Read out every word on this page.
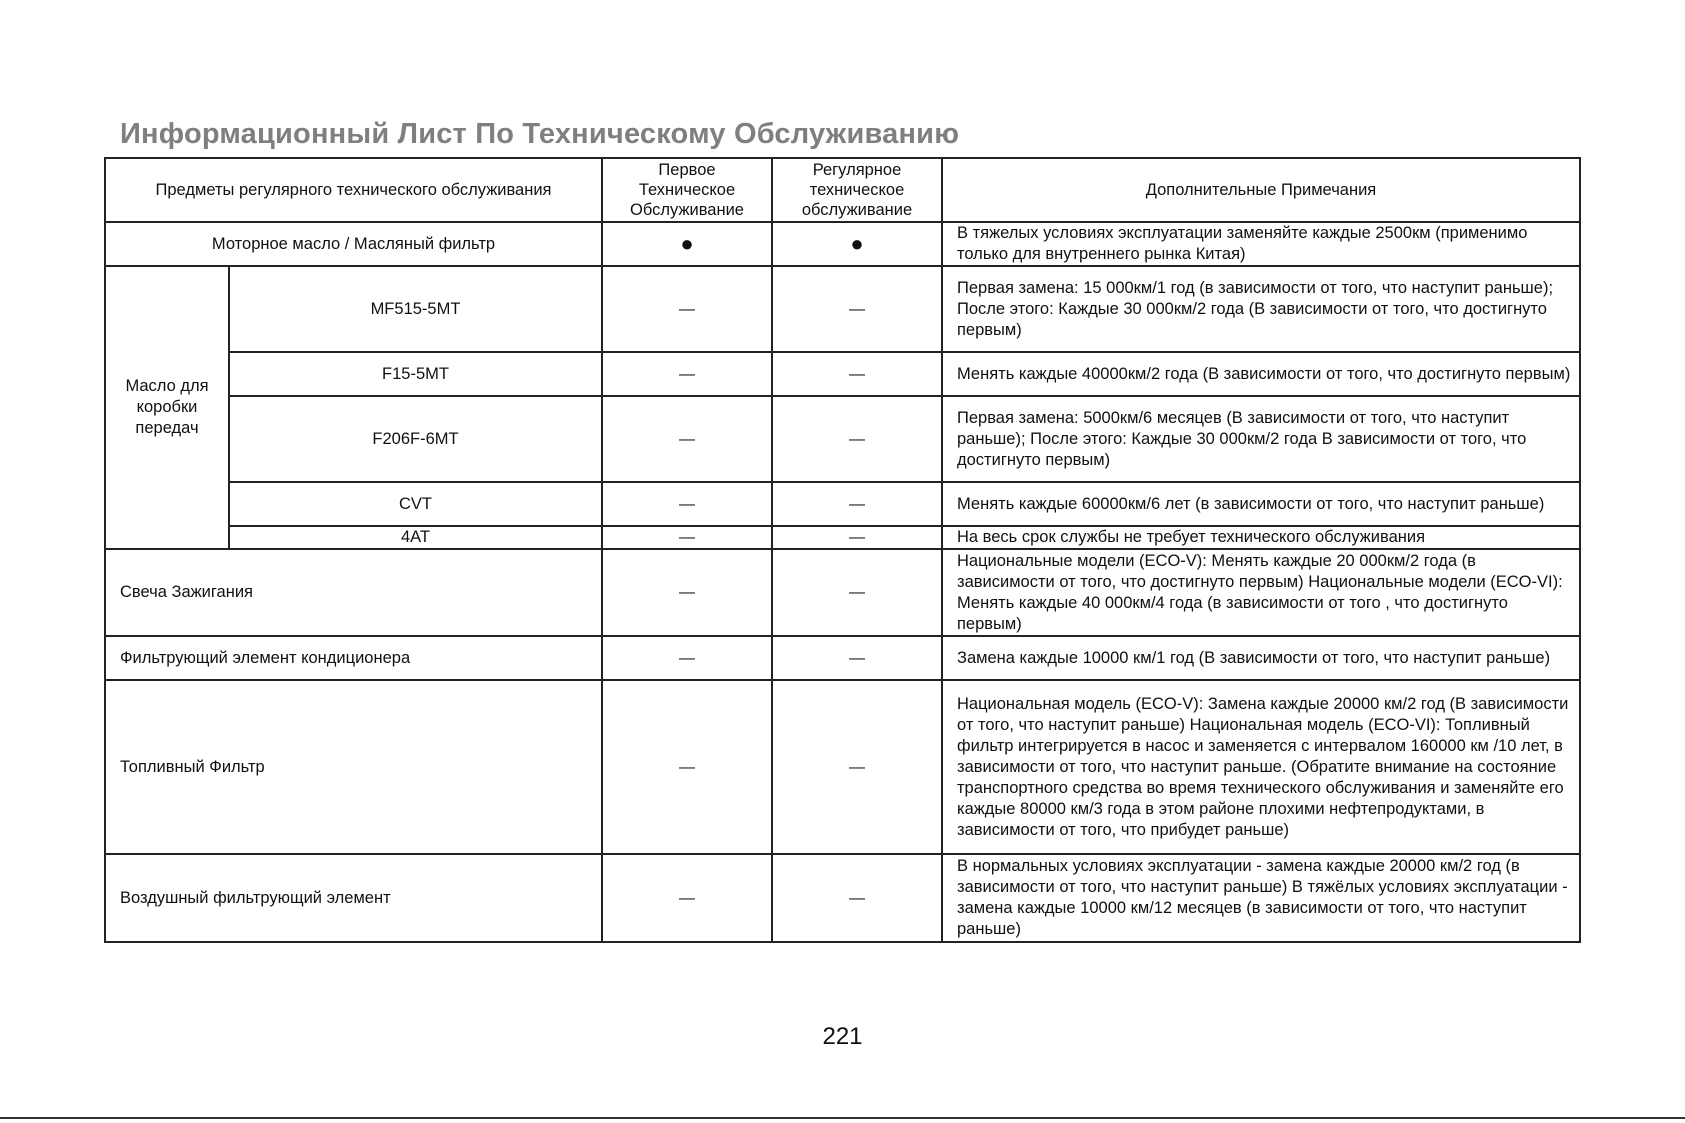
Информационный Лист По Техническому Обслуживанию
Предметы регулярного технического обслуживания		Первое Техническое Обслуживание	Регулярное техническое обслуживание	Дополнительные Примечания
Моторное масло / Масляный фильтр		●	●	В тяжелых условиях эксплуатации заменяйте каждые 2500км (применимо только для внутреннего рынка Китая)
Масло для коробки передач	MF515-5MT	—	—	Первая замена: 15 000км/1 год (в зависимости от того, что наступит раньше); После этого: Каждые 30 000км/2 года (В зависимости от того, что достигнуто первым)
	F15-5MT	—	—	Менять каждые 40000км/2 года (В зависимости от того, что достигнуто первым)
	F206F-6MT	—	—	Первая замена: 5000км/6 месяцев (В зависимости от того, что наступит раньше); После этого: Каждые 30 000км/2 года В зависимости от того, что достигнуто первым)
	CVT	—	—	Менять каждые 60000км/6 лет (в зависимости от того, что наступит раньше)
	4AT	—	—	На весь срок службы не требует технического обслуживания
Свеча Зажигания		—	—	Национальные модели (ECO-V): Менять каждые 20 000км/2 года (в зависимости от того, что достигнуто первым) Национальные модели (ECO-VI): Менять каждые 40 000км/4 года (в зависимости от того , что достигнуто первым)
Фильтрующий элемент кондиционера		—	—	Замена каждые 10000 км/1 год (В зависимости от того, что наступит раньше)
Топливный Фильтр		—	—	Национальная модель (ECO-V): Замена каждые 20000 км/2 год (В зависимости от того, что наступит раньше) Национальная модель (ECO-VI): Топливный фильтр интегрируется в насос и заменяется с интервалом 160000 км /10 лет, в зависимости от того, что наступит раньше. (Обратите внимание на состояние транспортного средства во время технического обслуживания и заменяйте его каждые 80000 км/3 года в этом районе плохими нефтепродуктами, в зависимости от того, что прибудет раньше)
Воздушный фильтрующий элемент		—	—	В нормальных условиях эксплуатации - замена каждые 20000 км/2 год (в зависимости от того, что наступит раньше) В тяжёлых условиях эксплуатации - замена каждые 10000 км/12 месяцев (в зависимости от того, что наступит раньше)
221
